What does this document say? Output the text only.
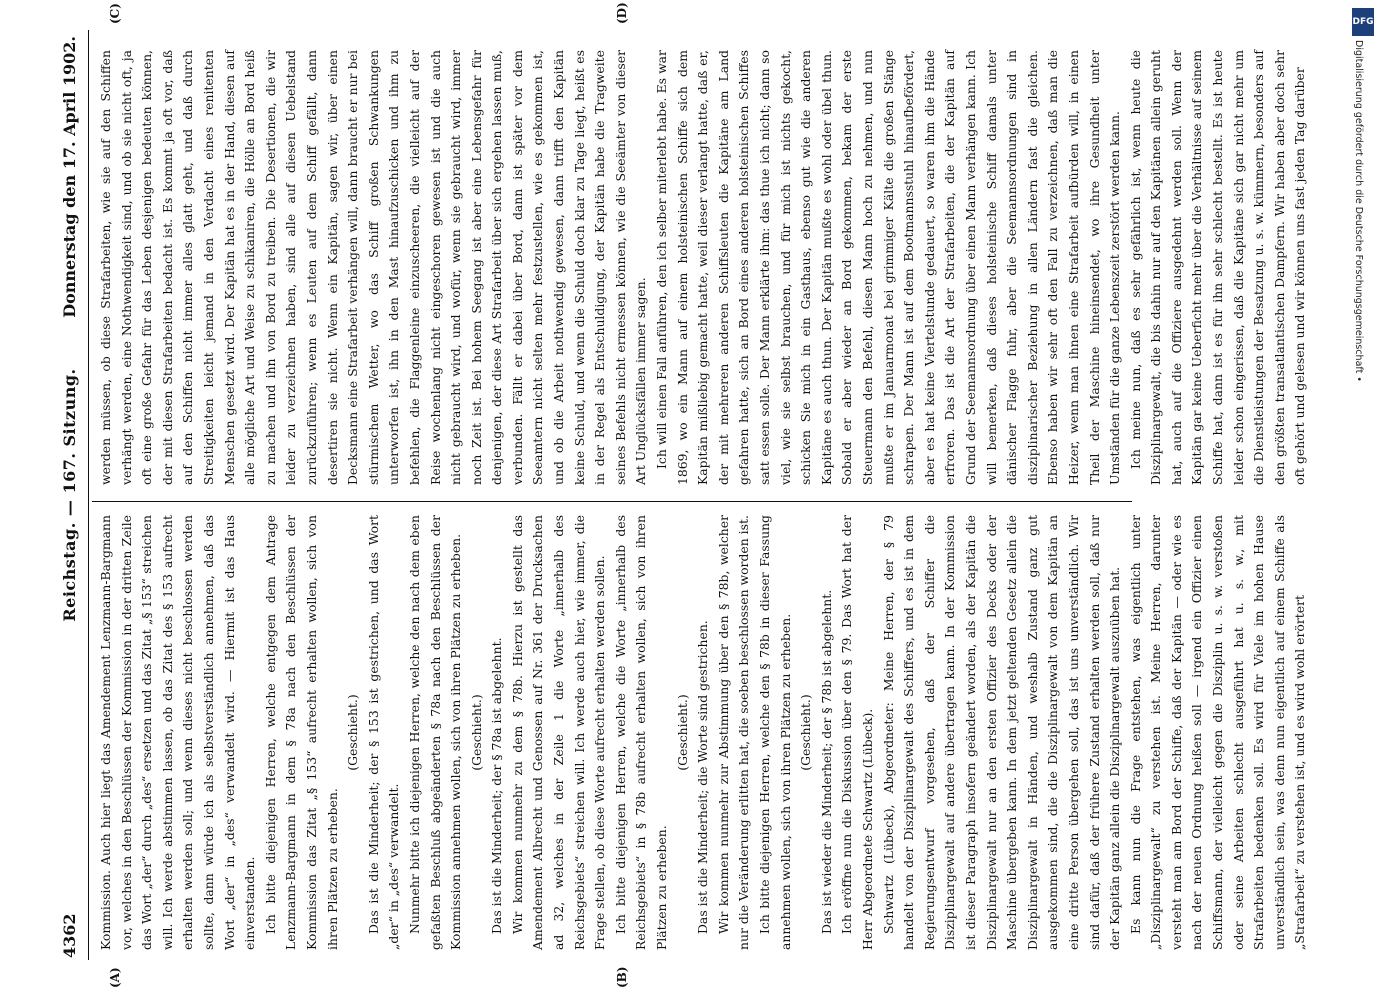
(A)	(B)
(C)	(D)
4362
Reichstag. — 167. Sitzung.
Donnerstag den 17. April 1902.

Kommission. Auch hier liegt das Amendement Lenzmann-Bargmann vor, welches in den Beschlüssen der Kommission in der dritten Zeile das Wort „der“ durch „des“ ersetzen und das Zitat „§ 153“ streichen will. Ich werde abstimmen lassen, ob das Zitat des § 153 aufrecht erhalten werden soll; und wenn dieses nicht beschlossen werden sollte, dann würde ich als selbstverständlich annehmen, daß das Wort „der“ in „des“ verwandelt wird. — Hiermit ist das Haus einverstanden. Ich bitte diejenigen Herren, welche entgegen dem Antrage Lenzmann-Bargmann in dem § 78a nach den Beschlüssen der Kommission das Zitat „§ 153“ aufrecht erhalten wollen, sich von ihren Plätzen zu erheben.

(Geschieht.) Das ist die Minderheit; der § 153 ist gestrichen, und das Wort „der“ in „des“ verwandelt. Nunmehr bitte ich diejenigen Herren, welche den nach dem eben gefaßten Beschluß abgeänderten § 78a nach den Beschlüssen der Kommission annehmen wollen, sich von ihren Plätzen zu erheben. (Geschieht.) Das ist die Minderheit; der § 78a ist abgelehnt. Wir kommen nunmehr zu dem § 78b. Hierzu ist gestellt das Amendement Albrecht und Genossen auf Nr. 361 der Drucksachen ad 32, welches in der Zeile 1 die Worte „innerhalb des Reichsgebiets“ streichen will. Ich werde auch hier, wie immer, die Frage stellen, ob diese Worte aufrecht erhalten werden sollen. Ich bitte diejenigen Herren, welche die Worte „innerhalb des Reichsgebiets“ in § 78b aufrecht erhalten wollen, sich von ihren Plätzen zu erheben.

(Geschieht.) Das ist die Minderheit; die Worte sind gestrichen. Wir kommen nunmehr zur Abstimmung über den § 78b, welcher nur die Veränderung erlitten hat, die soeben beschlossen worden ist. Ich bitte diejenigen Herren, welche den § 78b in dieser Fassung annehmen wollen, sich von ihren Plätzen zu erheben. (Geschieht.) Das ist wieder die Minderheit; der § 78b ist abgelehnt. Ich eröffne nun die Diskussion über den § 79. Das Wort hat der Herr Abgeordnete Schwartz (Lübeck). Schwartz (Lübeck), Abgeordneter: Meine Herren, der § 79 handelt von der Disziplinargewalt des Schiffers, und es ist in dem Regierungsentwurf vorgesehen, daß der Schiffer die Disziplinargewalt auf andere übertragen kann. In der Kommission ist dieser Paragraph insofern geändert worden, als der Kapitän die Disziplinargewalt nur an den ersten Offizier des Decks oder der Maschine übergeben kann. In dem jetzt geltenden Gesetz allein die Disziplinargewalt in Händen, und weshalb Zustand ganz gut ausgekommen sind, die die Disziplinargewalt von dem Kapitän an eine dritte Person übergehen soll, das ist uns unverständlich. Wir sind dafür, daß der frühere Zustand erhalten werden soll, daß nur der Kapitän ganz allein die Disziplinargewalt auszuüben hat. Es kann nun die Frage entstehen, was eigentlich unter „Disziplinargewalt“ zu verstehen ist. Meine Herren, darunter versteht man am Bord der Schiffe, daß der Kapitän — oder wie es nach der neuen Ordnung heißen soll — irgend ein Offizier einen Schiffsmann, der vielleicht gegen die Disziplin u. s. w. verstoßen oder seine Arbeiten schlecht ausgeführt hat u. s. w., mit Strafarbeiten bedenken soll. Es wird für Viele im hohen Hause unverständlich sein, was denn nun eigentlich auf einem Schiffe als „Strafarbeit“ zu verstehen ist, und es wird wohl erörtert

werden müssen, ob diese Strafarbeiten, wie sie auf den Schiffen verhängt werden, eine Nothwendigkeit sind, und ob sie nicht oft, ja oft eine große Gefahr für das Leben desjenigen bedeuten können, der mit diesen Strafarbeiten bedacht ist. Es kommt ja oft vor, daß auf den Schiffen nicht immer alles glatt geht, und daß durch Streitigkeiten leicht jemand in den Verdacht eines renitenten Menschen gesetzt wird. Der Kapitän hat es in der Hand, diesen auf alle mögliche Art und Weise zu schikaniren, die Hölle an Bord heiß zu machen und ihn von Bord zu treiben. Die Desertionen, die wir leider zu verzeichnen haben, sind alle auf diesen Uebelstand zurückzuführen; wenn es Leuten auf dem Schiff gefällt, dann desertiren sie nicht. Wenn ein Kapitän, sagen wir, über einen Decksmann eine Strafarbeit verhängen will, dann braucht er nur bei stürmischem Wetter, wo das Schiff großen Schwankungen unterworfen ist, ihn in den Mast hinaufzuschicken und ihm zu befehlen, die Flaggenleine einzuscheeren, die vielleicht auf der Reise wochenlang nicht eingeschoren gewesen ist und die auch nicht gebraucht wird, und wofür, wenn sie gebraucht wird, immer noch Zeit ist. Bei hohem Seegang ist aber eine Lebensgefahr für denjenigen, der diese Art Strafarbeit über sich ergehen lassen muß, verbunden. Fällt er dabei über Bord, dann ist später vor dem Seeamtern nicht selten mehr festzustellen, wie es gekommen ist, und ob die Arbeit nothwendig gewesen, dann trifft den Kapitän keine Schuld, und wenn die Schuld doch klar zu Tage liegt, heißt es in der Regel als Entschuldigung, der Kapitän habe die Tragweite seines Befehls nicht ermessen können, wie die Seeämter von dieser Art Unglücksfällen immer sagen. Ich will einen Fall anführen, den ich selber miterlebt habe. Es war 1869, wo ein Mann auf einem holsteinischen Schiffe sich dem Kapitän mißliebig gemacht hatte, weil dieser verlangt hatte, daß er, der mit mehreren anderen Schiffsleuten die Kapitäne am Land gefahren hatte, sich an Bord eines anderen holsteinischen Schiffes satt essen solle. Der Mann erklärte ihm: das thue ich nicht; dann so viel, wie sie selbst brauchen, und für mich ist nichts gekocht, schicken Sie mich in ein Gasthaus, ebenso gut wie die anderen Kapitäne es auch thun. Der Kapitän mußte es wohl oder übel thun. Sobald er aber wieder an Bord gekommen, bekam der erste Steuermann den Befehl, diesen Mann hoch zu nehmen, und nun mußte er im Januarmonat bei grimmiger Kälte die großen Stänge schrapen. Der Mann ist auf dem Bootmannsstuhl hinaufbefördert, aber es hat keine Viertelstunde gedauert, so waren ihm die Hände erfroren. Das ist die Art der Strafarbeiten, die der Kapitän auf Grund der Seemannsordnung über einen Mann verhängen kann. Ich will bemerken, daß dieses holsteinische Schiff damals unter dänischer Flagge fuhr, aber die Seemannsordnungen sind in disziplinarischer Beziehung in allen Ländern fast die gleichen. Ebenso haben wir sehr oft den Fall zu verzeichnen, daß man die Heizer, wenn man ihnen eine Strafarbeit aufbürden will, in einen Theil der Maschine hineinsendet, wo ihre Gesundheit unter Umständen für die ganze Lebenszeit zerstört werden kann. Ich meine nun, daß es sehr gefährlich ist, wenn heute die Disziplinargewalt, die bis dahin nur auf den Kapitänen allein geruht hat, auch auf die Offiziere ausgedehnt werden soll. Wenn der Kapitän gar keine Ueberficht mehr über die Verhältnisse auf seinem Schiffe hat, dann ist es für ihn sehr schlecht bestellt. Es ist heute leider schon eingerissen, daß die Kapitäne sich gar nicht mehr um die Dienstleistungen der Besatzung u. s. w. kümmern, besonders auf den größten transatlantischen Dampfern. Wir haben aber doch sehr oft gehört und gelesen und wir können uns fast jeden Tag darüber

DFG
Digitalisierung gefördert durch die Deutsche Forschungsgemeinschaft •
